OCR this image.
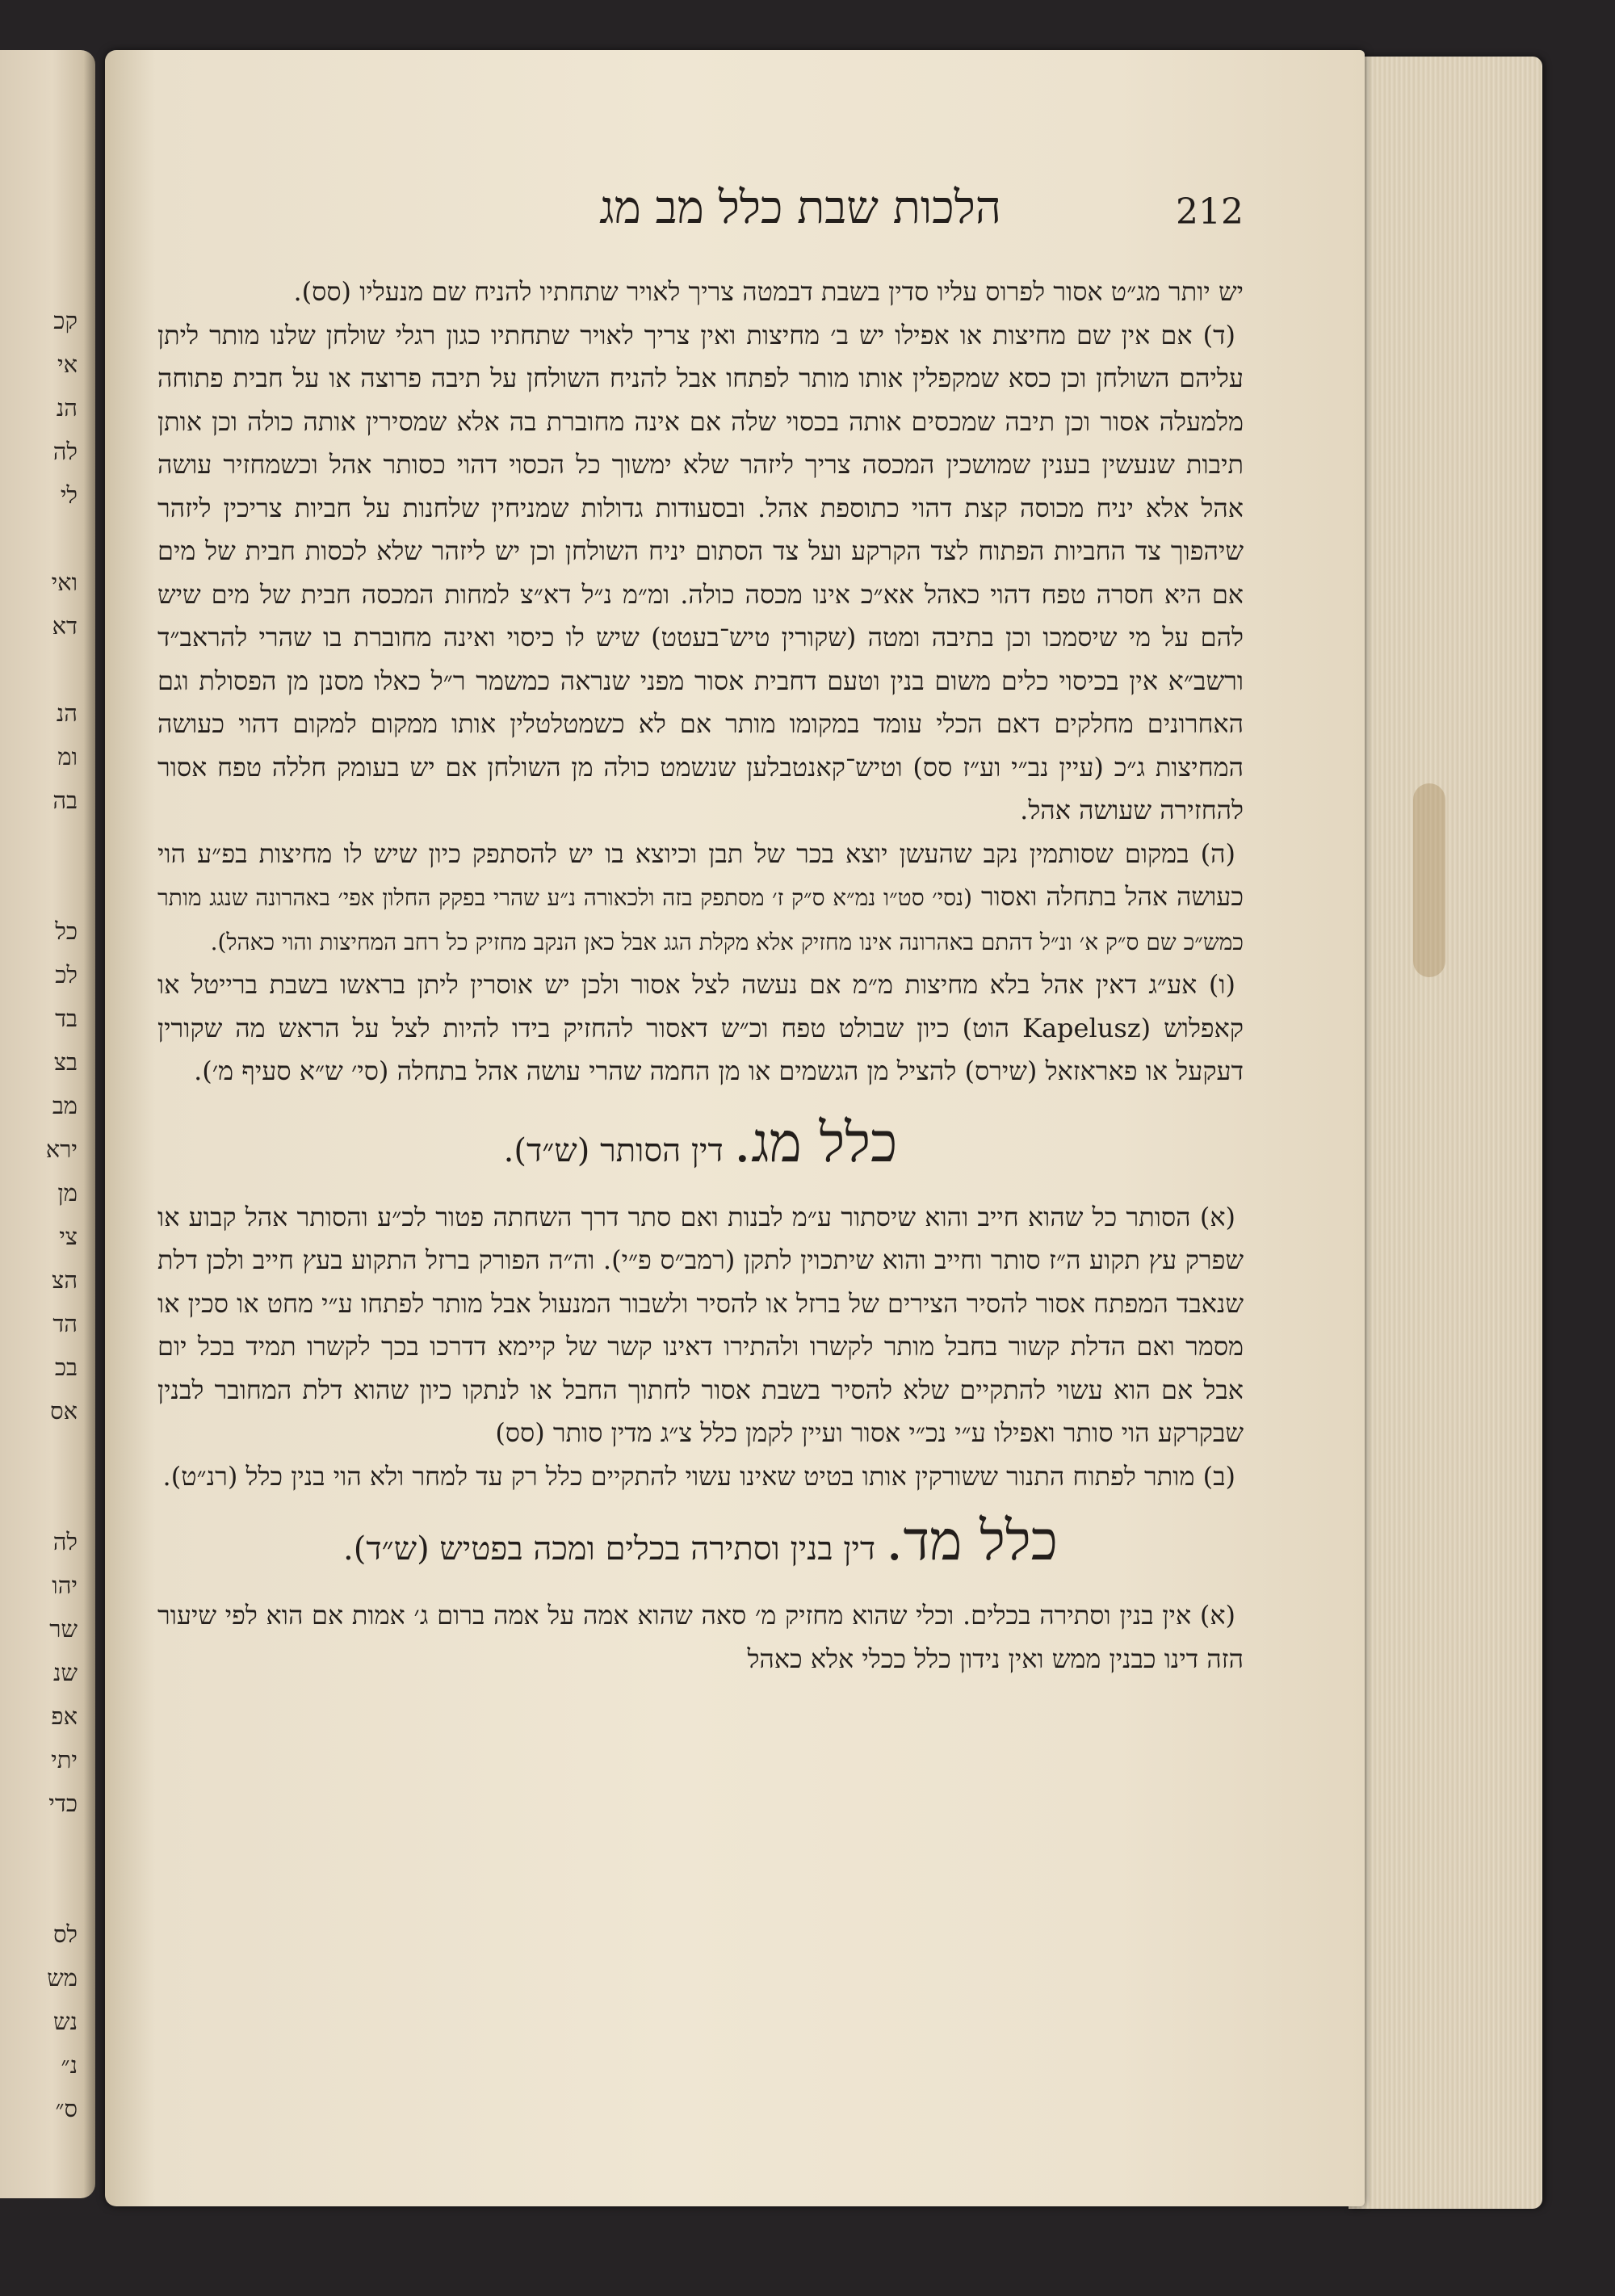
קכ
אי
הנ
לה
לי
ואי
דא
הנ
ומ
בה
כל
לכ
בד
בצ
מב
ירא
מן
צי
הצ
הד
בכ
אס
לה
יהו
שר
שנ
אפ
יתי
כדי
לס
מש
נש
נ״
ס״
הלכות שבת כלל מב מג	212

יש יותר מג״ט אסור לפרוס עליו סדין בשבת דבמטה צריך לאויר שתחתיו להניח שם מנעליו (סס).

(ד) אם אין שם מחיצות או אפילו יש ב׳ מחיצות ואין צריך לאויר שתחתיו כגון רגלי שולחן שלנו מותר ליתן עליהם השולחן וכן כסא שמקפלין אותו מותר לפתחו אבל להניח השולחן על תיבה פרוצה או על חבית פתוחה מלמעלה אסור וכן תיבה שמכסים אותה בכסוי שלה אם אינה מחוברת בה אלא שמסירין אותה כולה וכן אותן תיבות שנעשין בענין שמושכין המכסה צריך ליזהר שלא ימשוך כל הכסוי דהוי כסותר אהל וכשמחזיר עושה אהל אלא יניח מכוסה קצת דהוי כתוספת אהל. ובסעודות גדולות שמניחין שלחנות על חביות צריכין ליזהר שיהפוך צד החביות הפתוח לצד הקרקע ועל צד הסתום יניח השולחן וכן יש ליזהר שלא לכסות חבית של מים אם היא חסרה טפח דהוי כאהל אא״כ אינו מכסה כולה. ומ״מ נ״ל דא״צ למחות המכסה חבית של מים שיש להם על מי שיסמכו וכן בתיבה ומטה (שקורין טיש־בעטט) שיש לו כיסוי ואינה מחוברת בו שהרי להראב״ד ורשב״א אין בכיסוי כלים משום בנין וטעם דחבית אסור מפני שנראה כמשמר ר״ל כאלו מסנן מן הפסולת וגם האחרונים מחלקים דאם הכלי עומד במקומו מותר אם לא כשמטלטלין אותו ממקום למקום דהוי כעושה המחיצות ג״כ (עיין נב״י וע״ז סס) וטיש־קאנטבלען שנשמט כולה מן השולחן אם יש בעומק חללה טפח אסור להחזירה שעושה אהל.

(ה) במקום שסותמין נקב שהעשן יוצא בכר של תבן וכיוצא בו יש להסתפק כיון שיש לו מחיצות בפ״ע הוי כעושה אהל בתחלה ואסור (נסי׳ סט״ו נמ״א ס״ק ז׳ מסתפק בזה ולכאורה נ״ע שהרי בפקק החלון אפי׳ באהרונה שנגג מותר כמש״כ שם ס״ק א׳ ונ״ל דהתם באהרונה אינו מחזיק אלא מקלת הגג אבל כאן הנקב מחזיק כל רחב המחיצות והוי כאהל).

(ו) אע״ג דאין אהל בלא מחיצות מ״מ אם נעשה לצל אסור ולכן יש אוסרין ליתן בראשו בשבת ברייטל או קאפלוש (Kapelusz הוט) כיון שבולט טפח וכ״ש דאסור להחזיק בידו להיות לצל על הראש מה שקורין דעקעל או פאראזאל (שירס) להציל מן הגשמים או מן החמה שהרי עושה אהל בתחלה (סי׳ ש״א סעיף מ׳).

כלל מג. דין הסותר (ש״ד).

(א) הסותר כל שהוא חייב והוא שיסתור ע״מ לבנות ואם סתר דרך השחתה פטור לכ״ע והסותר אהל קבוע או שפרק עץ תקוע ה״ז סותר וחייב והוא שיתכוין לתקן (רמב״ס פ״י). וה״ה הפורק ברזל התקוע בעץ חייב ולכן דלת שנאבד המפתח אסור להסיר הצירים של ברזל או להסיר ולשבור המנעול אבל מותר לפתחו ע״י מחט או סכין או מסמר ואם הדלת קשור בחבל מותר לקשרו ולהתירו דאינו קשר של קיימא דדרכו בכך לקשרו תמיד בכל יום אבל אם הוא עשוי להתקיים שלא להסיר בשבת אסור לחתוך החבל או לנתקו כיון שהוא דלת המחובר לבנין שבקרקע הוי סותר ואפילו ע״י נכ״י אסור ועיין לקמן כלל צ״ג מדין סותר (סס)

(ב) מותר לפתוח התנור ששורקין אותו בטיט שאינו עשוי להתקיים כלל רק עד למחר ולא הוי בנין כלל (רנ״ט).

כלל מד. דין בנין וסתירה בכלים ומכה בפטיש (ש״ד).

(א) אין בנין וסתירה בכלים. וכלי שהוא מחזיק מ׳ סאה שהוא אמה על אמה ברום ג׳ אמות אם הוא לפי שיעור הזה דינו כבנין ממש ואין נידון כלל ככלי אלא כאהל
